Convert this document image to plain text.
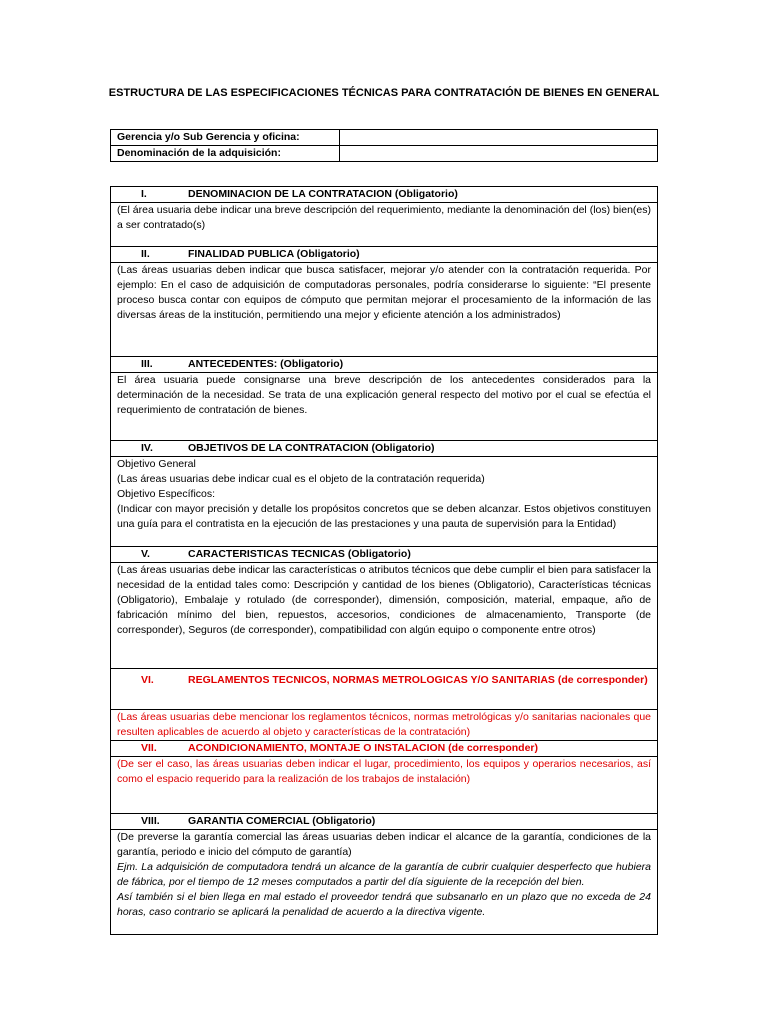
ESTRUCTURA DE LAS ESPECIFICACIONES TÉCNICAS PARA CONTRATACIÓN DE BIENES EN GENERAL
Gerencia y/o Sub Gerencia y oficina:	
Denominación de la adquisición:	
I.	DENOMINACION DE LA CONTRATACION (Obligatorio)

(El área usuaria debe indicar una breve descripción del requerimiento, mediante la denominación del (los) bien(es) a ser contratado(s)

II.	FINALIDAD PUBLICA (Obligatorio)

(Las áreas usuarias deben indicar que busca satisfacer, mejorar y/o atender con la contratación requerida. Por ejemplo: En el caso de adquisición de computadoras personales, podría considerarse lo siguiente: “El presente proceso busca contar con equipos de cómputo que permitan mejorar el procesamiento de la información de las diversas áreas de la institución, permitiendo una mejor y eficiente atención a los administrados)

III.	ANTECEDENTES: (Obligatorio)

El área usuaria puede consignarse una breve descripción de los antecedentes considerados para la determinación de la necesidad. Se trata de una explicación general respecto del motivo por el cual se efectúa el requerimiento de contratación de bienes.

IV.	OBJETIVOS DE LA CONTRATACION (Obligatorio)

Objetivo General

(Las áreas usuarias debe indicar cual es el objeto de la contratación requerida)

Objetivo Específicos:

(Indicar con mayor precisión y detalle los propósitos concretos que se deben alcanzar. Estos objetivos constituyen una guía para el contratista en la ejecución de las prestaciones y una pauta de supervisión para la Entidad)

V.	CARACTERISTICAS TECNICAS (Obligatorio)

(Las áreas usuarias debe indicar las características o atributos técnicos que debe cumplir el bien para satisfacer la necesidad de la entidad tales como: Descripción y cantidad de los bienes (Obligatorio), Características técnicas (Obligatorio), Embalaje y rotulado (de corresponder), dimensión, composición, material, empaque, año de fabricación mínimo del bien, repuestos, accesorios, condiciones de almacenamiento, Transporte (de corresponder), Seguros (de corresponder), compatibilidad con algún equipo o componente entre otros)

VI.	REGLAMENTOS TECNICOS, NORMAS METROLOGICAS Y/O SANITARIAS (de corresponder)

(Las áreas usuarias debe mencionar los reglamentos técnicos, normas metrológicas y/o sanitarias nacionales que resulten aplicables de acuerdo al objeto y características de la contratación)

VII.	ACONDICIONAMIENTO, MONTAJE O INSTALACION (de corresponder)

(De ser el caso, las áreas usuarias deben indicar el lugar, procedimiento, los equipos y operarios necesarios, así como el espacio requerido para la realización de los trabajos de instalación)

VIII.	GARANTIA COMERCIAL (Obligatorio)

(De preverse la garantía comercial las áreas usuarias deben indicar el alcance de la garantía, condiciones de la garantía, periodo e inicio del cómputo de garantía)

Ejm. La adquisición de computadora tendrá un alcance de la garantía de cubrir cualquier desperfecto que hubiera de fábrica, por el tiempo de 12 meses computados a partir del día siguiente de la recepción del bien.

Así también si el bien llega en mal estado el proveedor tendrá que subsanarlo en un plazo que no exceda de 24 horas, caso contrario se aplicará la penalidad de acuerdo a la directiva vigente.
